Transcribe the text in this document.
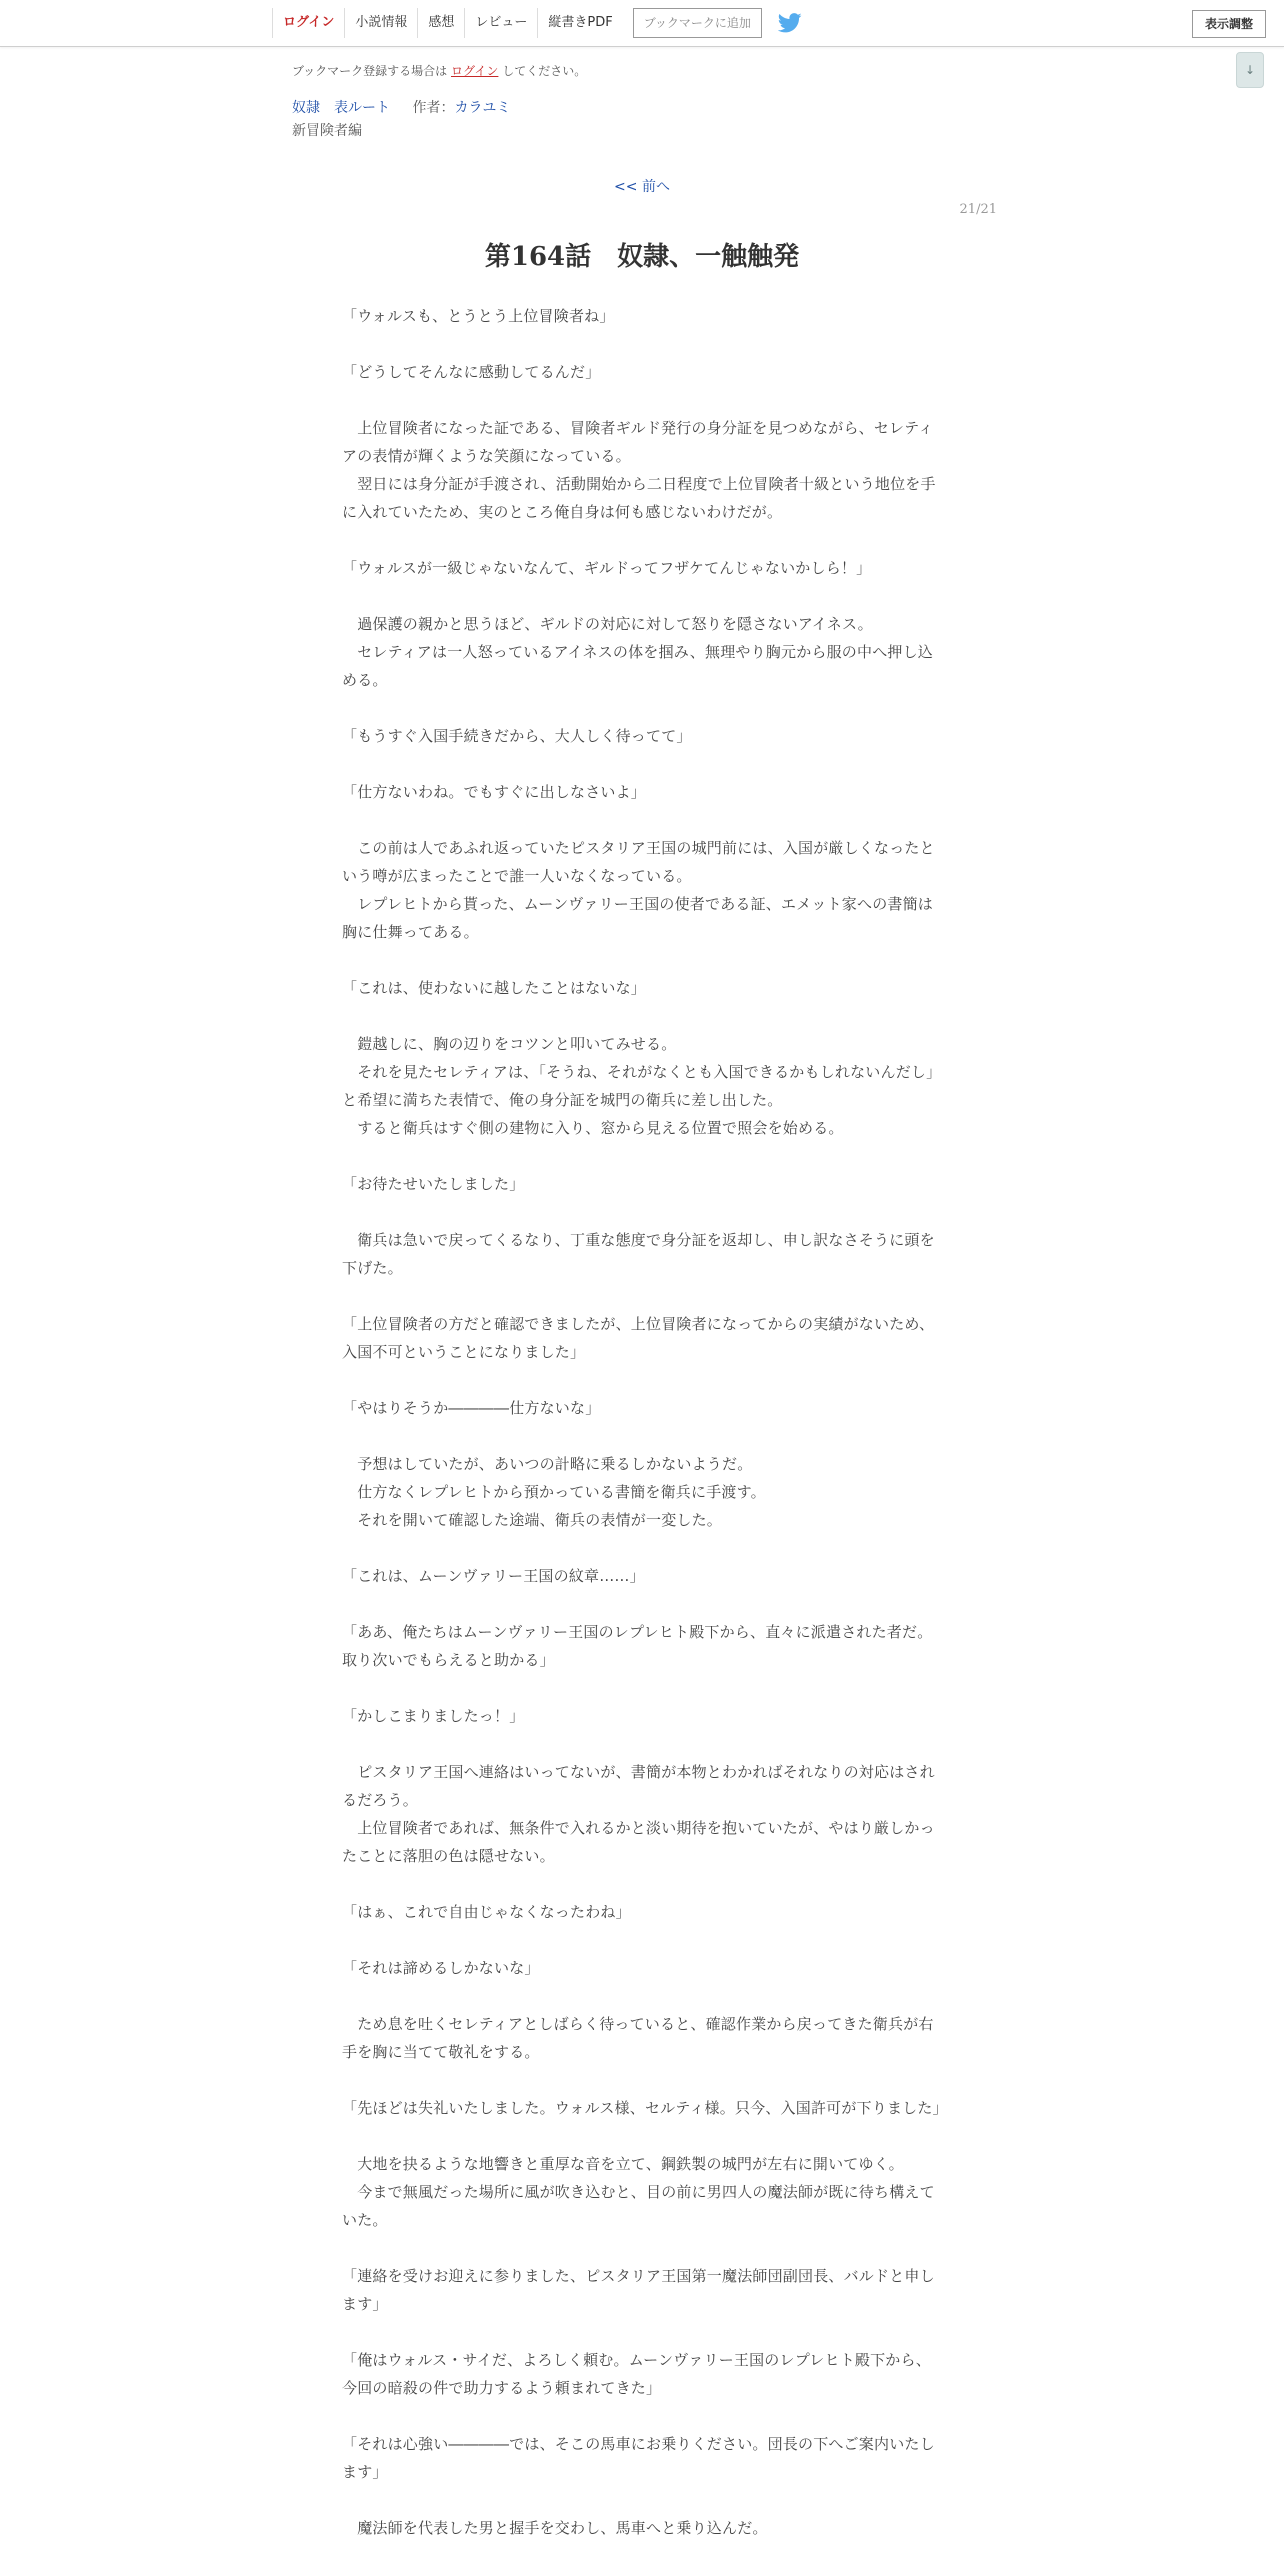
ログイン	小説情報	感想	レビュー	縦書きPDF	ブックマークに追加	表示調整
↓
ブックマーク登録する場合は ログイン してください。
奴隷　表ルート 作者：カラユミ
新冒険者編
<< 前へ
21/21
第164話　奴隷、一触触発

「ウォルスも、とうとう上位冒険者ね」

「どうしてそんなに感動してるんだ」

　上位冒険者になった証である、冒険者ギルド発行の身分証を見つめながら、セレティアの表情が輝くような笑顔になっている。

　翌日には身分証が手渡され、活動開始から二日程度で上位冒険者十級という地位を手に入れていたため、実のところ俺自身は何も感じないわけだが。

「ウォルスが一級じゃないなんて、ギルドってフザケてんじゃないかしら！」

　過保護の親かと思うほど、ギルドの対応に対して怒りを隠さないアイネス。

　セレティアは一人怒っているアイネスの体を掴み、無理やり胸元から服の中へ押し込める。

「もうすぐ入国手続きだから、大人しく待ってて」

「仕方ないわね。でもすぐに出しなさいよ」

　この前は人であふれ返っていたピスタリア王国の城門前には、入国が厳しくなったという噂が広まったことで誰一人いなくなっている。

　レプレヒトから貰った、ムーンヴァリー王国の使者である証、エメット家への書簡は胸に仕舞ってある。

「これは、使わないに越したことはないな」

　鎧越しに、胸の辺りをコツンと叩いてみせる。

　それを見たセレティアは、「そうね、それがなくとも入国できるかもしれないんだし」と希望に満ちた表情で、俺の身分証を城門の衛兵に差し出した。

　すると衛兵はすぐ側の建物に入り、窓から見える位置で照会を始める。

「お待たせいたしました」

　衛兵は急いで戻ってくるなり、丁重な態度で身分証を返却し、申し訳なさそうに頭を下げた。

「上位冒険者の方だと確認できましたが、上位冒険者になってからの実績がないため、入国不可ということになりました」

「やはりそうか――――仕方ないな」

　予想はしていたが、あいつの計略に乗るしかないようだ。

　仕方なくレプレヒトから預かっている書簡を衛兵に手渡す。

　それを開いて確認した途端、衛兵の表情が一変した。

「これは、ムーンヴァリー王国の紋章……」

「ああ、俺たちはムーンヴァリー王国のレプレヒト殿下から、直々に派遣された者だ。取り次いでもらえると助かる」

「かしこまりましたっ！」

　ピスタリア王国へ連絡はいってないが、書簡が本物とわかればそれなりの対応はされるだろう。

　上位冒険者であれば、無条件で入れるかと淡い期待を抱いていたが、やはり厳しかったことに落胆の色は隠せない。

「はぁ、これで自由じゃなくなったわね」

「それは諦めるしかないな」

　ため息を吐くセレティアとしばらく待っていると、確認作業から戻ってきた衛兵が右手を胸に当てて敬礼をする。

「先ほどは失礼いたしました。ウォルス様、セルティ様。只今、入国許可が下りました」

　大地を抉るような地響きと重厚な音を立て、鋼鉄製の城門が左右に開いてゆく。

　今まで無風だった場所に風が吹き込むと、目の前に男四人の魔法師が既に待ち構えていた。

「連絡を受けお迎えに参りました、ピスタリア王国第一魔法師団副団長、バルドと申します」

「俺はウォルス・サイだ、よろしく頼む。ムーンヴァリー王国のレプレヒト殿下から、今回の暗殺の件で助力するよう頼まれてきた」

「それは心強い――――では、そこの馬車にお乗りください。団長の下へご案内いたします」

　魔法師を代表した男と握手を交わし、馬車へと乗り込んだ。
